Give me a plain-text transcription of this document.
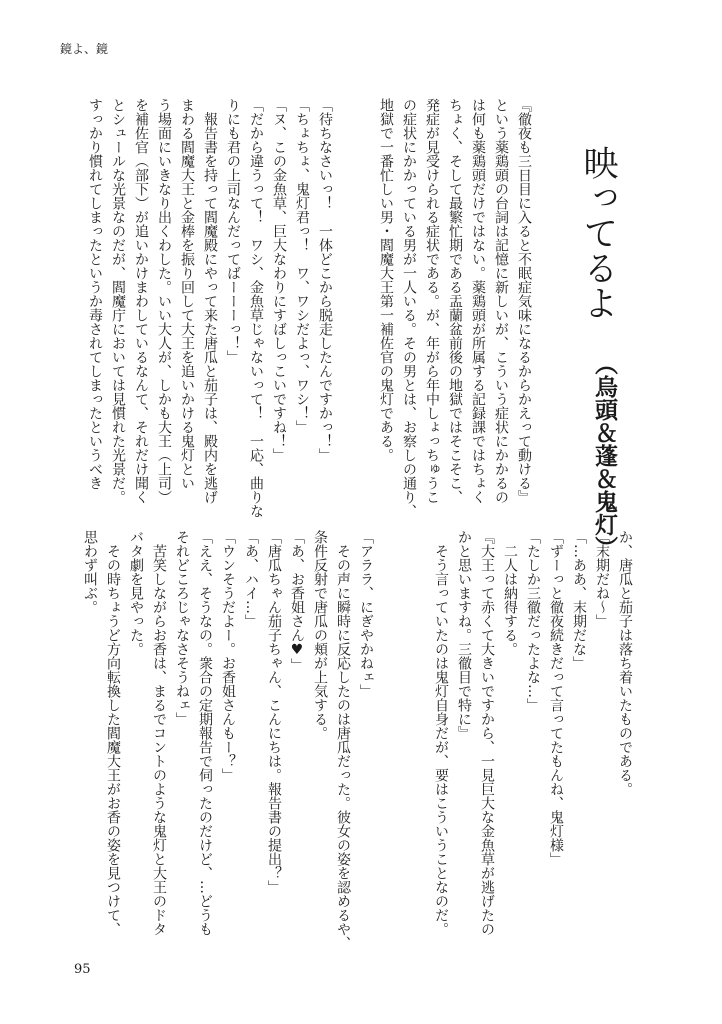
鏡よ、鏡
映ってるよ
（烏頭＆蓬＆鬼灯）
『徹夜も三日目に入ると不眠症気味になるからかえって動ける』
という薬鶏頭の台詞は記憶に新しいが、こういう症状にかかるの
は何も薬鶏頭だけではない。薬鶏頭が所属する記録課ではちょく
ちょく、そして最繁忙期である盂蘭盆前後の地獄ではそこそこ、
発症が見受けられる症状である。が、年がら年中しょっちゅうこ
の症状にかかっている男が一人いる。その男とは、お察しの通り、
地獄で一番忙しい男・閻魔大王第一補佐官の鬼灯である。
「待ちなさいっ！　一体どこから脱走したんですかっ！」
「ちょちょ、鬼灯君っ！　ワ、ワシだよっ、ワシ！」
「ヌ、この金魚草、巨大なわりにすばしっこいですね！」
「だから違うって！　ワシ、金魚草じゃないって！　一応、曲りな
りにも君の上司なんだってばーーーっ！」
　報告書を持って閻魔殿にやって来た唐瓜と茄子は、殿内を逃げ
まわる閻魔大王と金棒を振り回して大王を追いかける鬼灯とい
う場面にいきなり出くわした。いい大人が、しかも大王（上司）
を補佐官（部下）が追いかけまわしているなんて、それだけ聞く
とシュールな光景なのだが、閻魔庁においては見慣れた光景だ。
すっかり慣れてしまったというか毒されてしまったというべき
か、唐瓜と茄子は落ち着いたものである。
「末期だね～」
「…ああ、末期だな」
「ずーっと徹夜続きだって言ってたもんね、鬼灯様」
「たしか三徹だったよな…」
　二人は納得する。
『大王って赤くて大きいですから、一見巨大な金魚草が逃げたの
かと思いますね。三徹目で特に』
　そう言っていたのは鬼灯自身だが、要はこういうことなのだ。
「アララ、にぎやかねェ」
　その声に瞬時に反応したのは唐瓜だった。彼女の姿を認めるや、
条件反射で唐瓜の頬が上気する。
「あ、お香姐さん♥」
「唐瓜ちゃん茄子ちゃん、こんにちは。報告書の提出？」
「あ、ハイ…」
「ウンそうだよー。お香姐さんもー？」
「ええ、そうなの。衆合の定期報告で伺ったのだけど、…どうも
それどころじゃなさそうねェ」
　苦笑しながらお香は、まるでコントのような鬼灯と大王のドタ
バタ劇を見やった。
　その時ちょうど方向転換した閻魔大王がお香の姿を見つけて、
思わず叫ぶ。
95
